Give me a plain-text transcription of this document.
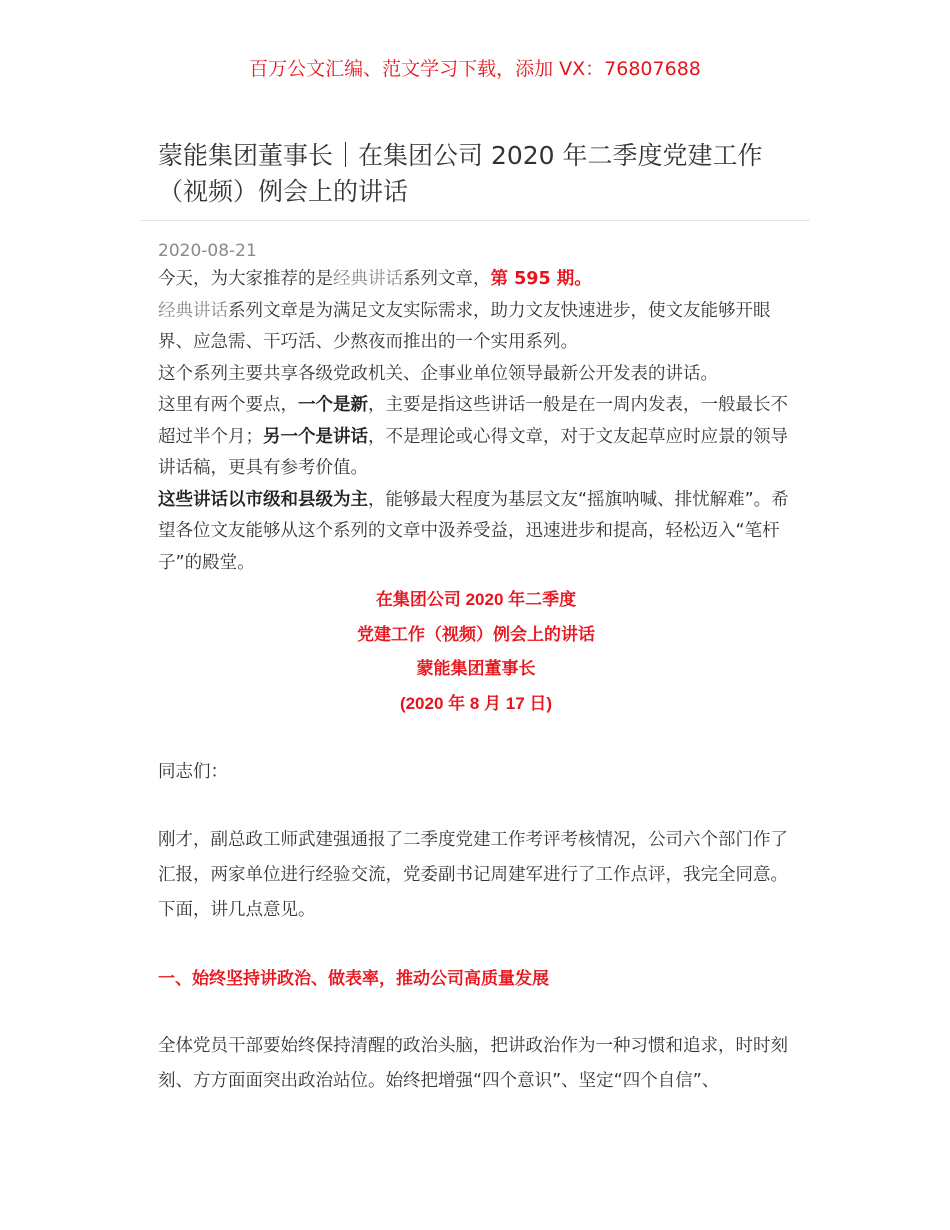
百万公文汇编、范文学习下载，添加 VX：76807688
蒙能集团董事长｜在集团公司 2020 年二季度党建工作（视频）例会上的讲话
2020-08-21

今天，为大家推荐的是经典讲话系列文章，第 595 期。

经典讲话系列文章是为满足文友实际需求，助力文友快速进步，使文友能够开眼界、应急需、干巧活、少熬夜而推出的一个实用系列。

这个系列主要共享各级党政机关、企事业单位领导最新公开发表的讲话。

这里有两个要点，一个是新，主要是指这些讲话一般是在一周内发表，一般最长不超过半个月；另一个是讲话，不是理论或心得文章，对于文友起草应时应景的领导讲话稿，更具有参考价值。

这些讲话以市级和县级为主，能够最大程度为基层文友“摇旗呐喊、排忧解难”。希望各位文友能够从这个系列的文章中汲养受益，迅速进步和提高，轻松迈入“笔杆子”的殿堂。

在集团公司 2020 年二季度
党建工作（视频）例会上的讲话
蒙能集团董事长
(2020 年 8 月 17 日)

同志们：

刚才，副总政工师武建强通报了二季度党建工作考评考核情况，公司六个部门作了汇报，两家单位进行经验交流，党委副书记周建军进行了工作点评，我完全同意。下面，讲几点意见。

一、始终坚持讲政治、做表率，推动公司高质量发展

全体党员干部要始终保持清醒的政治头脑，把讲政治作为一种习惯和追求，时时刻刻、方方面面突出政治站位。始终把增强“四个意识”、坚定“四个自信”、
